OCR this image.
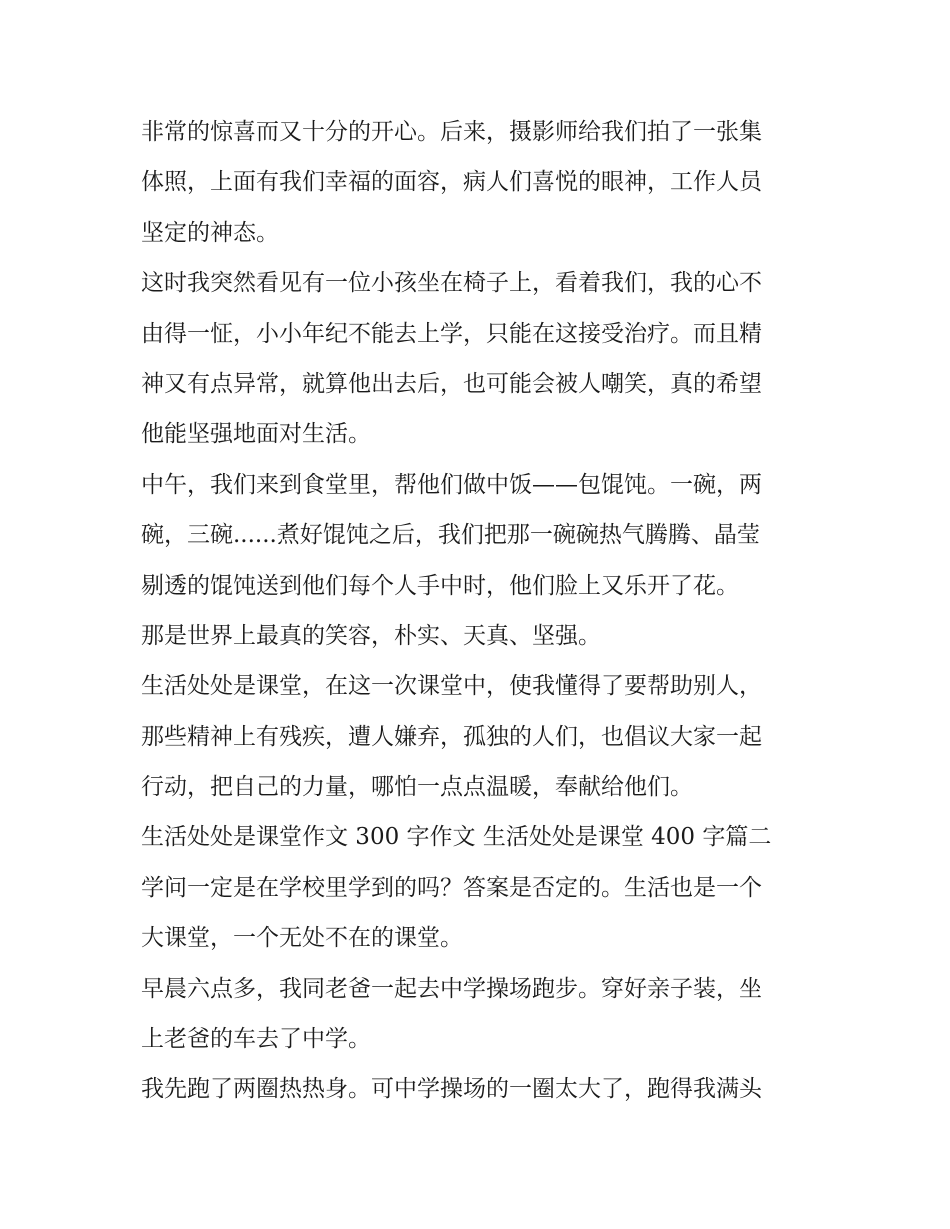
非常的惊喜而又十分的开心。后来，摄影师给我们拍了一张集
体照，上面有我们幸福的面容，病人们喜悦的眼神，工作人员
坚定的神态。
这时我突然看见有一位小孩坐在椅子上，看着我们，我的心不
由得一怔，小小年纪不能去上学，只能在这接受治疗。而且精
神又有点异常，就算他出去后，也可能会被人嘲笑，真的希望
他能坚强地面对生活。
中午，我们来到食堂里，帮他们做中饭——包馄饨。一碗，两
碗，三碗......煮好馄饨之后，我们把那一碗碗热气腾腾、晶莹
剔透的馄饨送到他们每个人手中时，他们脸上又乐开了花。
那是世界上最真的笑容，朴实、天真、坚强。
生活处处是课堂，在这一次课堂中，使我懂得了要帮助别人，
那些精神上有残疾，遭人嫌弃，孤独的人们，也倡议大家一起
行动，把自己的力量，哪怕一点点温暖，奉献给他们。
生活处处是课堂作文 300 字作文 生活处处是课堂 400 字篇二
学问一定是在学校里学到的吗？答案是否定的。生活也是一个
大课堂，一个无处不在的课堂。
早晨六点多，我同老爸一起去中学操场跑步。穿好亲子装，坐
上老爸的车去了中学。
我先跑了两圈热热身。可中学操场的一圈太大了，跑得我满头
